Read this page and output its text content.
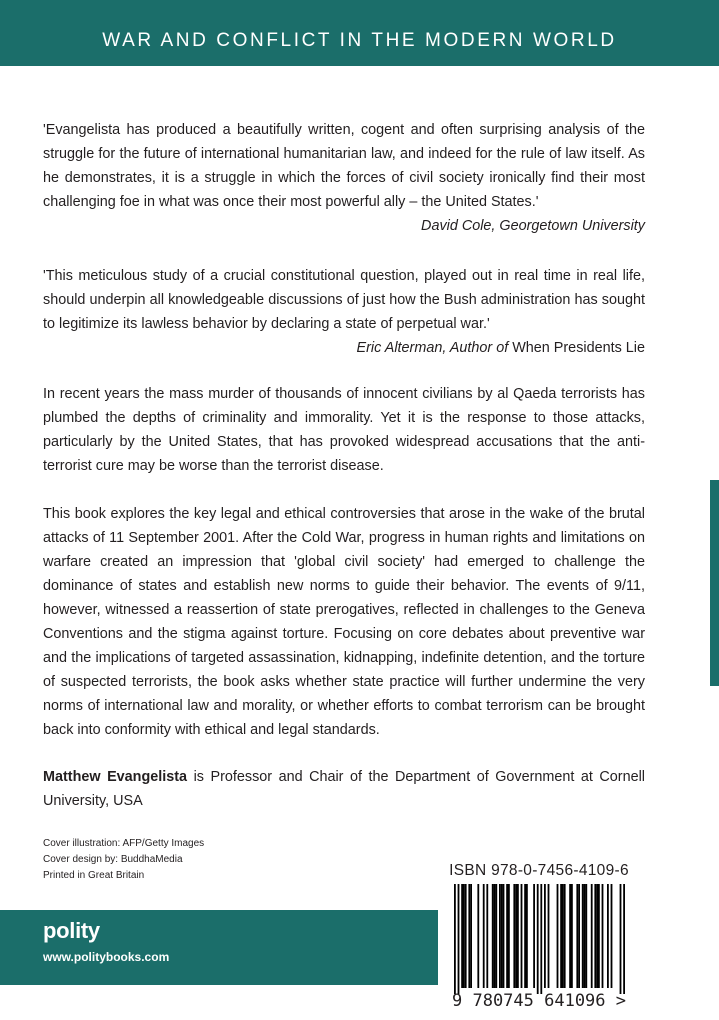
WAR AND CONFLICT IN THE MODERN WORLD

'Evangelista has produced a beautifully written, cogent and often surprising analysis of the struggle for the future of international humanitarian law, and indeed for the rule of law itself. As he demonstrates, it is a struggle in which the forces of civil society ironically find their most challenging foe in what was once their most powerful ally – the United States.'

David Cole, Georgetown University

'This meticulous study of a crucial constitutional question, played out in real time in real life, should underpin all knowledgeable discussions of just how the Bush administration has sought to legitimize its lawless behavior by declaring a state of perpetual war.'

Eric Alterman, Author of When Presidents Lie

In recent years the mass murder of thousands of innocent civilians by al Qaeda terrorists has plumbed the depths of criminality and immorality. Yet it is the response to those attacks, particularly by the United States, that has provoked widespread accusations that the anti-terrorist cure may be worse than the terrorist disease.

This book explores the key legal and ethical controversies that arose in the wake of the brutal attacks of 11 September 2001. After the Cold War, progress in human rights and limitations on warfare created an impression that 'global civil society' had emerged to challenge the dominance of states and establish new norms to guide their behavior. The events of 9/11, however, witnessed a reassertion of state prerogatives, reflected in challenges to the Geneva Conventions and the stigma against torture. Focusing on core debates about preventive war and the implications of targeted assassination, kidnapping, indefinite detention, and the torture of suspected terrorists, the book asks whether state practice will further undermine the very norms of international law and morality, or whether efforts to combat terrorism can be brought back into conformity with ethical and legal standards.

Matthew Evangelista is Professor and Chair of the Department of Government at Cornell University, USA

Cover illustration: AFP/Getty Images
Cover design by: BuddhaMedia
Printed in Great Britain
polity
www.politybooks.com
ISBN 978-0-7456-4109-6
9 780745 641096 >
